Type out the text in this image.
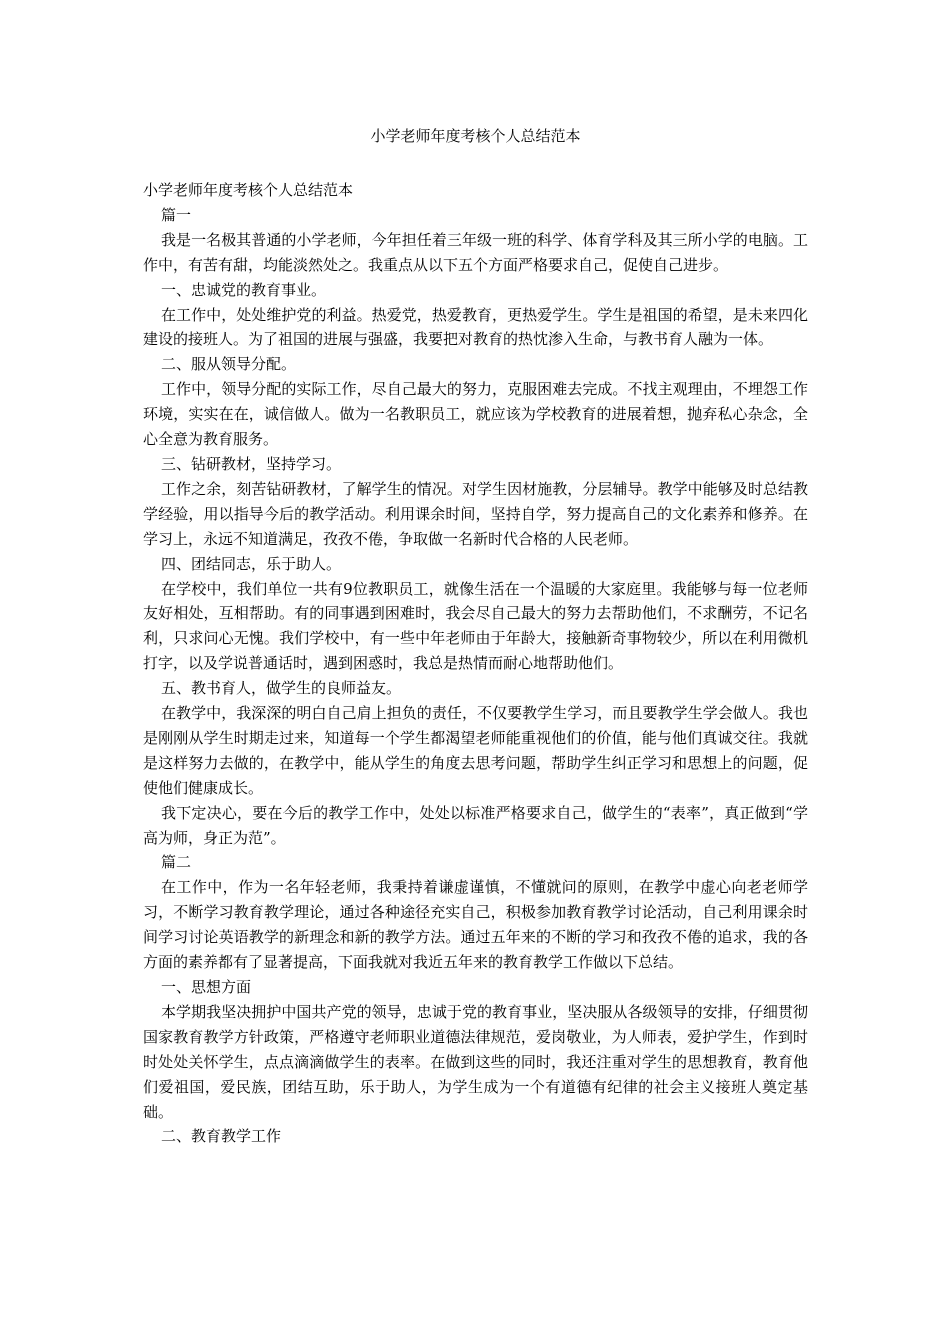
小学老师年度考核个人总结范本

小学老师年度考核个人总结范本

篇一

我是一名极其普通的小学老师，今年担任着三年级一班的科学、体育学科及其三所小学的电脑。工作中，有苦有甜，均能淡然处之。我重点从以下五个方面严格要求自己，促使自己进步。

一、忠诚党的教育事业。

在工作中，处处维护党的利益。热爱党，热爱教育，更热爱学生。学生是祖国的希望，是未来四化建设的接班人。为了祖国的进展与强盛，我要把对教育的热忱渗入生命，与教书育人融为一体。

二、服从领导分配。

工作中，领导分配的实际工作，尽自己最大的努力，克服困难去完成。不找主观理由，不埋怨工作环境，实实在在，诚信做人。做为一名教职员工，就应该为学校教育的进展着想，抛弃私心杂念，全心全意为教育服务。

三、钻研教材，坚持学习。

工作之余，刻苦钻研教材，了解学生的情况。对学生因材施教，分层辅导。教学中能够及时总结教学经验，用以指导今后的教学活动。利用课余时间，坚持自学，努力提高自己的文化素养和修养。在学习上，永远不知道满足，孜孜不倦，争取做一名新时代合格的人民老师。

四、团结同志，乐于助人。

在学校中，我们单位一共有9位教职员工，就像生活在一个温暖的大家庭里。我能够与每一位老师友好相处，互相帮助。有的同事遇到困难时，我会尽自己最大的努力去帮助他们，不求酬劳，不记名利，只求问心无愧。我们学校中，有一些中年老师由于年龄大，接触新奇事物较少，所以在利用微机打字，以及学说普通话时，遇到困惑时，我总是热情而耐心地帮助他们。

五、教书育人，做学生的良师益友。

在教学中，我深深的明白自己肩上担负的责任，不仅要教学生学习，而且要教学生学会做人。我也是刚刚从学生时期走过来，知道每一个学生都渴望老师能重视他们的价值，能与他们真诚交往。我就是这样努力去做的，在教学中，能从学生的角度去思考问题，帮助学生纠正学习和思想上的问题，促使他们健康成长。

我下定决心，要在今后的教学工作中，处处以标准严格要求自己，做学生的“表率”，真正做到“学高为师，身正为范”。

篇二

在工作中，作为一名年轻老师，我秉持着谦虚谨慎，不懂就问的原则，在教学中虚心向老老师学习，不断学习教育教学理论，通过各种途径充实自己，积极参加教育教学讨论活动，自己利用课余时间学习讨论英语教学的新理念和新的教学方法。通过五年来的不断的学习和孜孜不倦的追求，我的各方面的素养都有了显著提高，下面我就对我近五年来的教育教学工作做以下总结。

一、思想方面

本学期我坚决拥护中国共产党的领导，忠诚于党的教育事业，坚决服从各级领导的安排，仔细贯彻国家教育教学方针政策，严格遵守老师职业道德法律规范，爱岗敬业，为人师表，爱护学生，作到时时处处关怀学生，点点滴滴做学生的表率。在做到这些的同时，我还注重对学生的思想教育，教育他们爱祖国，爱民族，团结互助，乐于助人，为学生成为一个有道德有纪律的社会主义接班人奠定基础。

二、教育教学工作
